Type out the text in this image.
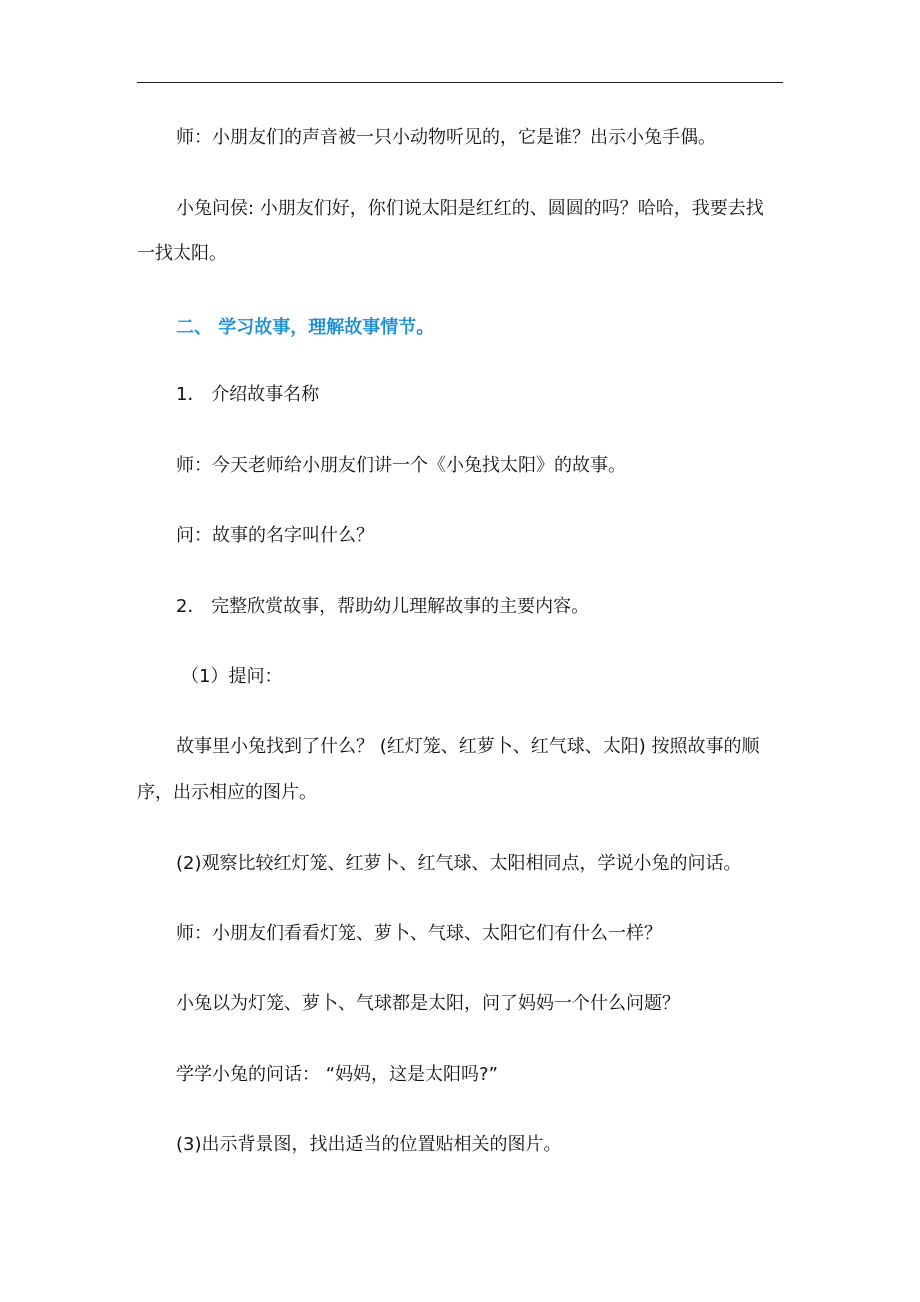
师：小朋友们的声音被一只小动物听见的，它是谁？出示小兔手偶。
小兔问侯: 小朋友们好，你们说太阳是红红的、圆圆的吗？哈哈，我要去找
一找太阳。
二、 学习故事，理解故事情节。
1． 介绍故事名称
师：今天老师给小朋友们讲一个《小兔找太阳》的故事。
问：故事的名字叫什么？
2． 完整欣赏故事，帮助幼儿理解故事的主要内容。
（1）提问：
故事里小兔找到了什么？ (红灯笼、红萝卜、红气球、太阳) 按照故事的顺
序，出示相应的图片。
(2)观察比较红灯笼、红萝卜、红气球、太阳相同点，学说小兔的问话。
师：小朋友们看看灯笼、萝卜、气球、太阳它们有什么一样？
小兔以为灯笼、萝卜、气球都是太阳，问了妈妈一个什么问题？
学学小兔的问话： “妈妈，这是太阳吗?”
(3)出示背景图，找出适当的位置贴相关的图片。
